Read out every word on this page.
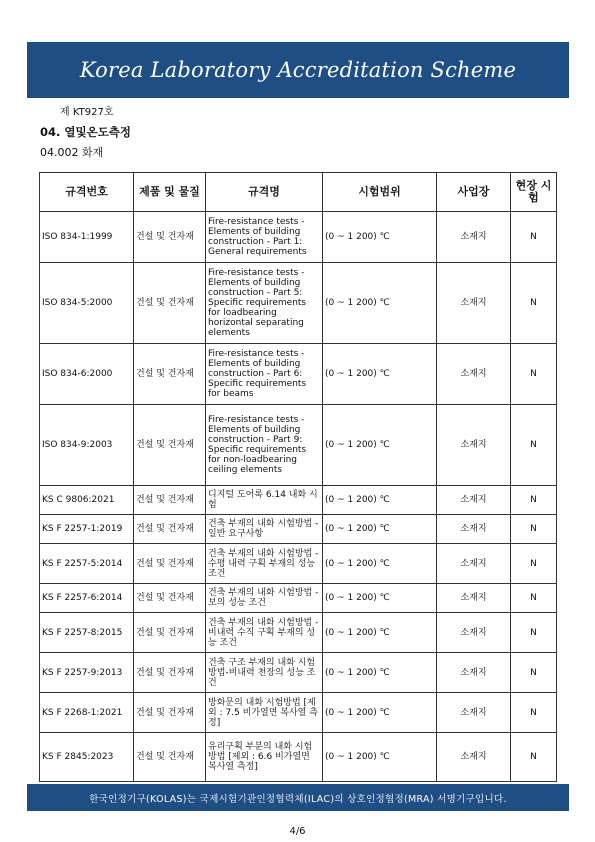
Korea Laboratory Accreditation Scheme
제 KT927호
04. 열및온도측정
04.002 화재
규격번호	제품 및 물질	규격명	시험범위	사업장	현장 시험
ISO 834-1:1999	건설 및 건자재	Fire-resistance tests - Elements of building construction - Part 1: General requirements	(0 ~ 1 200) ℃	소재지	N
ISO 834-5:2000	건설 및 건자재	Fire-resistance tests - Elements of building construction - Part 5: Specific requirements for loadbearing horizontal separating elements	(0 ~ 1 200) ℃	소재지	N
ISO 834-6:2000	건설 및 건자재	Fire-resistance tests - Elements of building construction - Part 6: Specific requirements for beams	(0 ~ 1 200) ℃	소재지	N
ISO 834-9:2003	건설 및 건자재	Fire-resistance tests - Elements of building construction - Part 9: Specific requirements for non-loadbearing ceiling elements	(0 ~ 1 200) ℃	소재지	N
KS C 9806:2021	건설 및 건자재	디지털 도어록 6.14 내화 시험	(0 ~ 1 200) ℃	소재지	N
KS F 2257-1:2019	건설 및 건자재	건축 부재의 내화 시험방법 -일반 요구사항	(0 ~ 1 200) ℃	소재지	N
KS F 2257-5:2014	건설 및 건자재	건축 부재의 내화 시험방법 -수평 내력 구획 부재의 성능 조건	(0 ~ 1 200) ℃	소재지	N
KS F 2257-6:2014	건설 및 건자재	건축 부재의 내화 시험방법 -보의 성능 조건	(0 ~ 1 200) ℃	소재지	N
KS F 2257-8:2015	건설 및 건자재	건축 부재의 내화 시험방법 -비내력 수직 구획 부재의 성능 조건	(0 ~ 1 200) ℃	소재지	N
KS F 2257-9:2013	건설 및 건자재	건축 구조 부재의 내화 시험방법-비내력 천장의 성능 조건	(0 ~ 1 200) ℃	소재지	N
KS F 2268-1:2021	건설 및 건자재	방화문의 내화 시험방법 [제외 : 7.5 비가열면 복사열 측정]	(0 ~ 1 200) ℃	소재지	N
KS F 2845:2023	건설 및 건자재	유리구획 부분의 내화 시험방법 [제외 : 6.6 비가열면 복사열 측정]	(0 ~ 1 200) ℃	소재지	N
한국인정기구(KOLAS)는 국제시험기관인정협력체(ILAC)의 상호인정협정(MRA) 서명기구입니다.
4/6
